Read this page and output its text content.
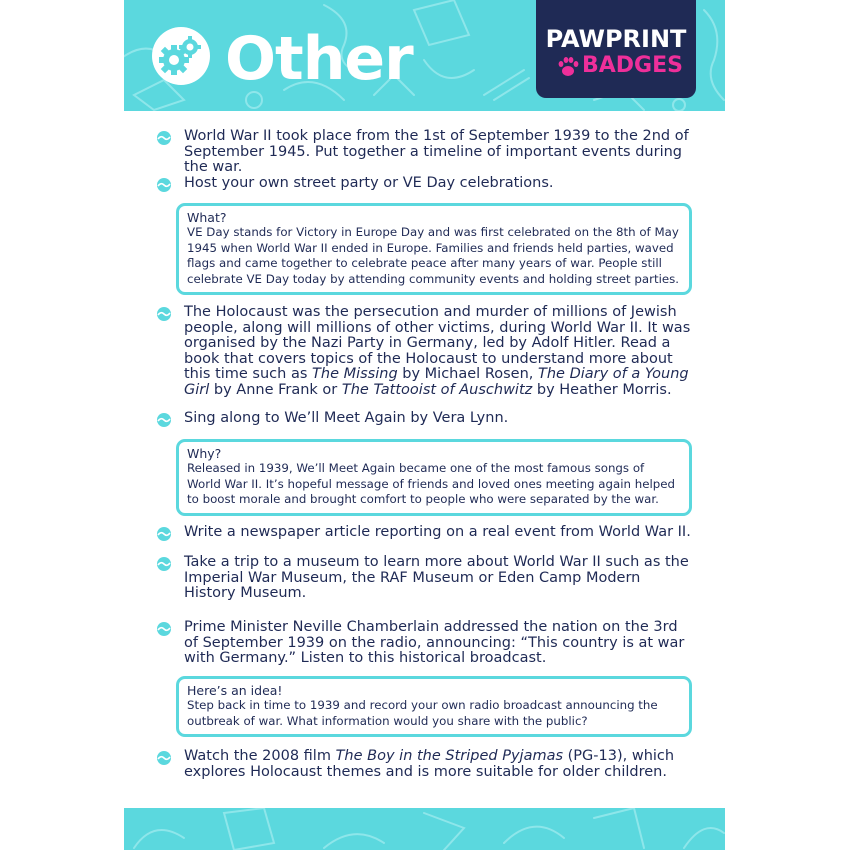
Other	PAWPRINT
BADGES
World War II took place from the 1st of September 1939 to the 2nd of September 1945. Put together a timeline of important events during the war.
Host your own street party or VE Day celebrations.
What?
VE Day stands for Victory in Europe Day and was first celebrated on the 8th of May 1945 when World War II ended in Europe. Families and friends held parties, waved flags and came together to celebrate peace after many years of war. People still celebrate VE Day today by attending community events and holding street parties.
The Holocaust was the persecution and murder of millions of Jewish people, along will millions of other victims, during World War II. It was organised by the Nazi Party in Germany, led by Adolf Hitler. Read a book that covers topics of the Holocaust to understand more about this time such as The Missing by Michael Rosen, The Diary of a Young Girl by Anne Frank or The Tattooist of Auschwitz by Heather Morris.
Sing along to We’ll Meet Again by Vera Lynn.
Why?
Released in 1939, We’ll Meet Again became one of the most famous songs of World War II. It’s hopeful message of friends and loved ones meeting again helped to boost morale and brought comfort to people who were separated by the war.
Write a newspaper article reporting on a real event from World War II.
Take a trip to a museum to learn more about World War II such as the Imperial War Museum, the RAF Museum or Eden Camp Modern History Museum.
Prime Minister Neville Chamberlain addressed the nation on the 3rd of September 1939 on the radio, announcing: “This country is at war with Germany.” Listen to this historical broadcast.
Here’s an idea!
Step back in time to 1939 and record your own radio broadcast announcing the outbreak of war. What information would you share with the public?
Watch the 2008 film The Boy in the Striped Pyjamas (PG-13), which explores Holocaust themes and is more suitable for older children.
